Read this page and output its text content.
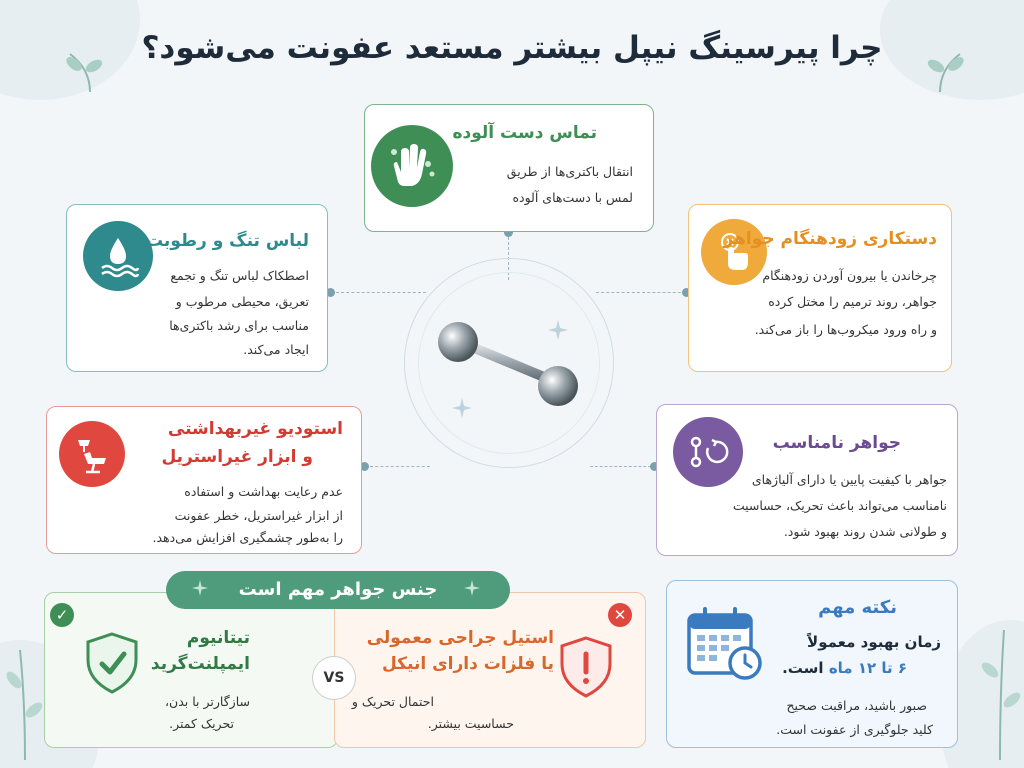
چرا پیرسینگ نیپل بیشتر مستعد عفونت می‌شود؟
تماس دست آلوده

انتقال باکتری‌ها از طریق

لمس با دست‌های آلوده

لباس تنگ و رطوبت

اصطکاک لباس تنگ و تجمع

تعریق، محیطی مرطوب و

مناسب برای رشد باکتری‌ها

ایجاد می‌کند.

دستکاری زودهنگام جواهر

چرخاندن یا بیرون آوردن زودهنگام

جواهر، روند ترمیم را مختل کرده

و راه ورود میکروب‌ها را باز می‌کند.

استودیو غیربهداشتی
و ابزار غیراستریل

عدم رعایت بهداشت و استفاده

از ابزار غیراستریل، خطر عفونت

را به‌طور چشمگیری افزایش می‌دهد.

جواهر نامناسب

جواهر با کیفیت پایین یا دارای آلیاژهای

نامناسب می‌تواند باعث تحریک، حساسیت

و طولانی شدن روند بهبود شود.

✓	✕
تیتانیوم
ایمپلنت‌گرید
سازگارتر با بدن،
تحریک کمتر.
VS
استیل جراحی معمولی
یا فلزات دارای انیکل
احتمال تحریک و
حساسیت بیشتر.
جنس جواهر مهم است
نکته مهم

زمان بهبود معمولاً

۶ تا ۱۲ ماه است.

صبور باشید، مراقبت صحیح

کلید جلوگیری از عفونت است.
